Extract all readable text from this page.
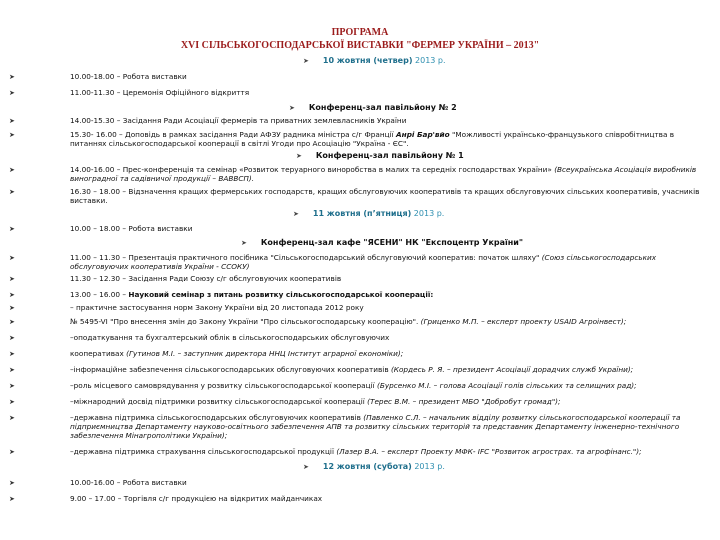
ПРОГРАМА
XVI СІЛЬСЬКОГОСПОДАРСЬКОЇ ВИСТАВКИ "ФЕРМЕР УКРАЇНИ – 2013"
➤ 10 жовтня (четвер) 2013 р.
➤	10.00-18.00 – Робота виставки
➤	11.00-11.30 – Церемонія Офіційного відкриття
➤ Конференц-зал павільйону № 2
➤	14.00-15.30 – Засідання Ради Асоціації фермерів та приватних землевласників України
➤	15.30- 16.00 – Доповідь в рамках засідання Ради АФЗУ радника міністра с/г Франції Анрі Бар'вйо "Можливості українсько-французького співробітництва в питаннях сільськогосподарської кооперації в світлі Угоди про Асоціацію "Україна - ЄС".
➤ Конференц-зал павільйону № 1
➤	14.00-16.00 – Прес-конференція та семінар «Розвиток теруарного виноробства в малих та середніх господарствах України» (Всеукраїнська Асоціація виробників виноградної та садівничої продукції – ВАВВСП).
➤	16.30 – 18.00 – Відзначення кращих фермерських господарств, кращих обслуговуючих кооперативів та кращих обслуговуючих сільських кооперативів, учасників виставки.
➤ 11 жовтня (п’ятниця) 2013 р.
➤	10.00 – 18.00 – Робота виставки
➤ Конференц-зал кафе "ЯСЕНИ" НК "Експоцентр України"
➤	11.00 – 11.30 – Презентація практичного посібника "Сільськогосподарський обслуговуючий кооператив: початок шляху" (Союз сільськогосподарських обслуговуючих кооперативів України - ССОКУ)
➤	11.30 – 12.30 – Засідання Ради Союзу с/г обслуговуючих кооперативів
➤	13.00 – 16.00 – Науковий семінар з питань розвитку сільськогосподарської кооперації:
➤	– практичне застосування норм Закону України від 20 листопада 2012 року
➤	№ 5495-VI "Про внесення змін до Закону України "Про сільськогосподарську кооперацію". (Гриценко М.П. – експерт проекту USAID Агроінвест);
➤	–оподаткування та бухгалтерський облік в сільськогосподарських обслуговуючих
➤	кооперативах (Гутинов М.І. – заступник директора ННЦ Інститут аграрної економіки);
➤	–інформаційне забезпечення сільськогосподарських обслуговуючих кооперативів (Кордесь Р. Я. – президент Асоціації дорадчих служб України);
➤	–роль місцевого самоврядування у розвитку сільськогосподарської кооперації (Бурсенко М.І. – голова Асоціації голів сільських та селищних рад);
➤	–міжнародний досвід підтримки розвитку сільськогосподарської кооперації (Терес В.М. – президент МБО "Добробут громад");
➤	–державна підтримка сільськогосподарських обслуговуючих кооперативів (Павленко С.Л. – начальник відділу розвитку сільськогосподарської кооперації та підприємництва Департаменту науково-освітнього забезпечення АПВ та розвитку сільських територій та представник Департаменту інженерно-технічного забезпечення Мінагрополітики України);
➤	–державна підтримка страхування сільськогосподарської продукції (Лазер В.А. – експерт Проекту МФК- IFC "Розвиток агрострах. та агрофінанс.");
➤ 12 жовтня (субота) 2013 р.
➤	10.00-16.00 – Робота виставки
➤	9.00 – 17.00 – Торгівля с/г продукцією на відкритих майданчиках
